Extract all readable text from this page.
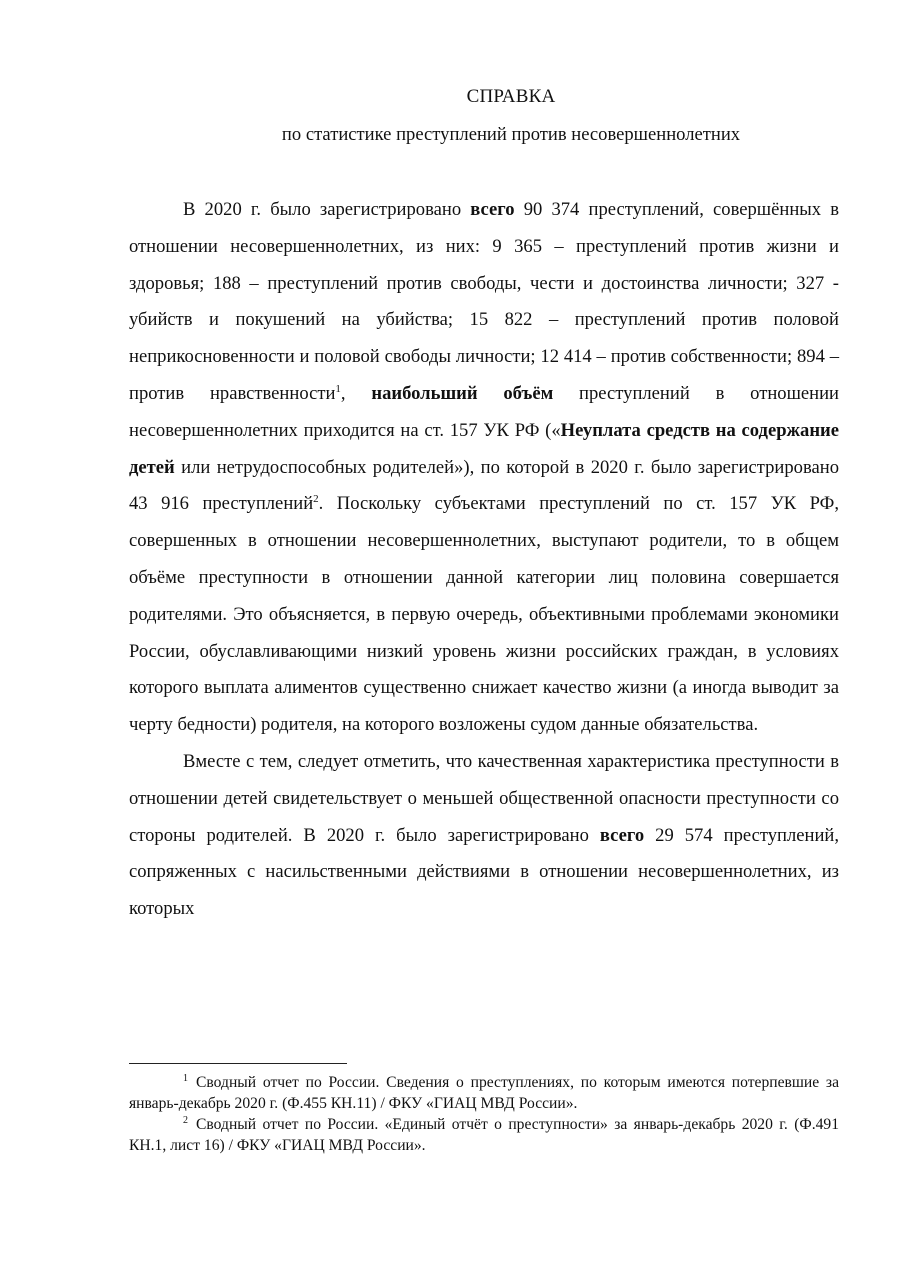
СПРАВКА
по статистике преступлений против несовершеннолетних

В 2020 г. было зарегистрировано всего 90 374 преступлений, совершённых в отношении несовершеннолетних, из них: 9 365 – преступлений против жизни и здоровья; 188 – преступлений против свободы, чести и достоинства личности; 327 - убийств и покушений на убийства; 15 822 – преступлений против половой неприкосновенности и половой свободы личности; 12 414 – против собственности; 894 – против нравственности$^1$, наибольший объём преступлений в отношении несовершеннолетних приходится на ст. 157 УК РФ («Неуплата средств на содержание детей или нетрудоспособных родителей»), по которой в 2020 г. было зарегистрировано 43 916 преступлений$^2$. Поскольку субъектами преступлений по ст. 157 УК РФ, совершенных в отношении несовершеннолетних, выступают родители, то в общем объёме преступности в отношении данной категории лиц половина совершается родителями. Это объясняется, в первую очередь, объективными проблемами экономики России, обуславливающими низкий уровень жизни российских граждан, в условиях которого выплата алиментов существенно снижает качество жизни (а иногда выводит за черту бедности) родителя, на которого возложены судом данные обязательства.

Вместе с тем, следует отметить, что качественная характеристика преступности в отношении детей свидетельствует о меньшей общественной опасности преступности со стороны родителей. В 2020 г. было зарегистрировано всего 29 574 преступлений, сопряженных с насильственными действиями в отношении несовершеннолетних, из которых

$^1$ Сводный отчет по России. Сведения о преступлениях, по которым имеются потерпевшие за январь-декабрь 2020 г. (Ф.455 КН.11) / ФКУ «ГИАЦ МВД России».

$^2$ Сводный отчет по России. «Единый отчёт о преступности» за январь-декабрь 2020 г. (Ф.491 КН.1, лист 16) / ФКУ «ГИАЦ МВД России».
